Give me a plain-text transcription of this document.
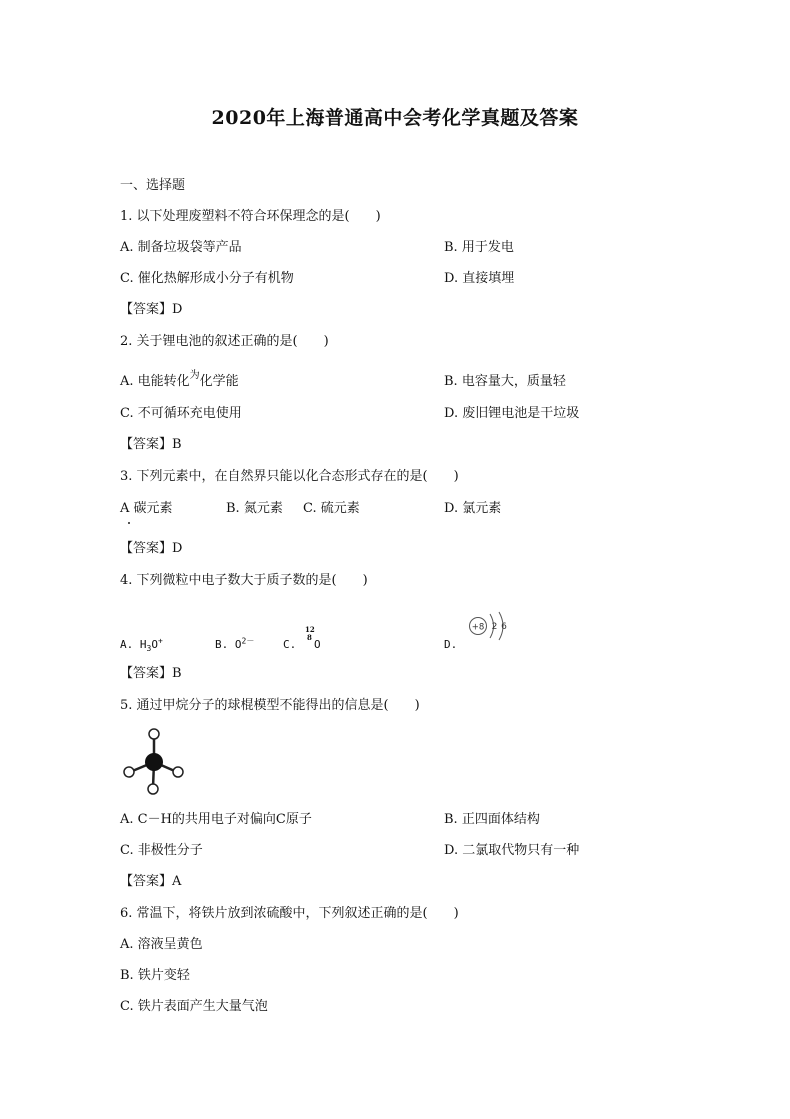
2020年上海普通高中会考化学真题及答案
一、选择题
1. 以下处理废塑料不符合环保理念的是(　　)
A. 制备垃圾袋等产品	B. 用于发电
C. 催化热解形成小分子有机物	D. 直接填埋
【答案】D
2. 关于锂电池的叙述正确的是(　　)
A. 电能转化$^为$化学能	B. 电容量大，质量轻
C. 不可循环充电使用	D. 废旧锂电池是干垃圾
【答案】B
3. 下列元素中，在自然界只能以化合态形式存在的是(　　)
A 碳元素	B. 氮元素 C. 硫元素	D. 氯元素
【答案】D
4. 下列微粒中电子数大于质子数的是(　　)
A. $H_3O^+$	B. $O^{2-}$	C.
12
8
O	D.
+8 2 6
【答案】B
5. 通过甲烷分子的球棍模型不能得出的信息是(　　)
A. C－H的共用电子对偏向C原子	B. 正四面体结构
C. 非极性分子	D. 二氯取代物只有一种
【答案】A
6. 常温下，将铁片放到浓硫酸中，下列叙述正确的是(　　)
A. 溶液呈黄色
B. 铁片变轻
C. 铁片表面产生大量气泡
